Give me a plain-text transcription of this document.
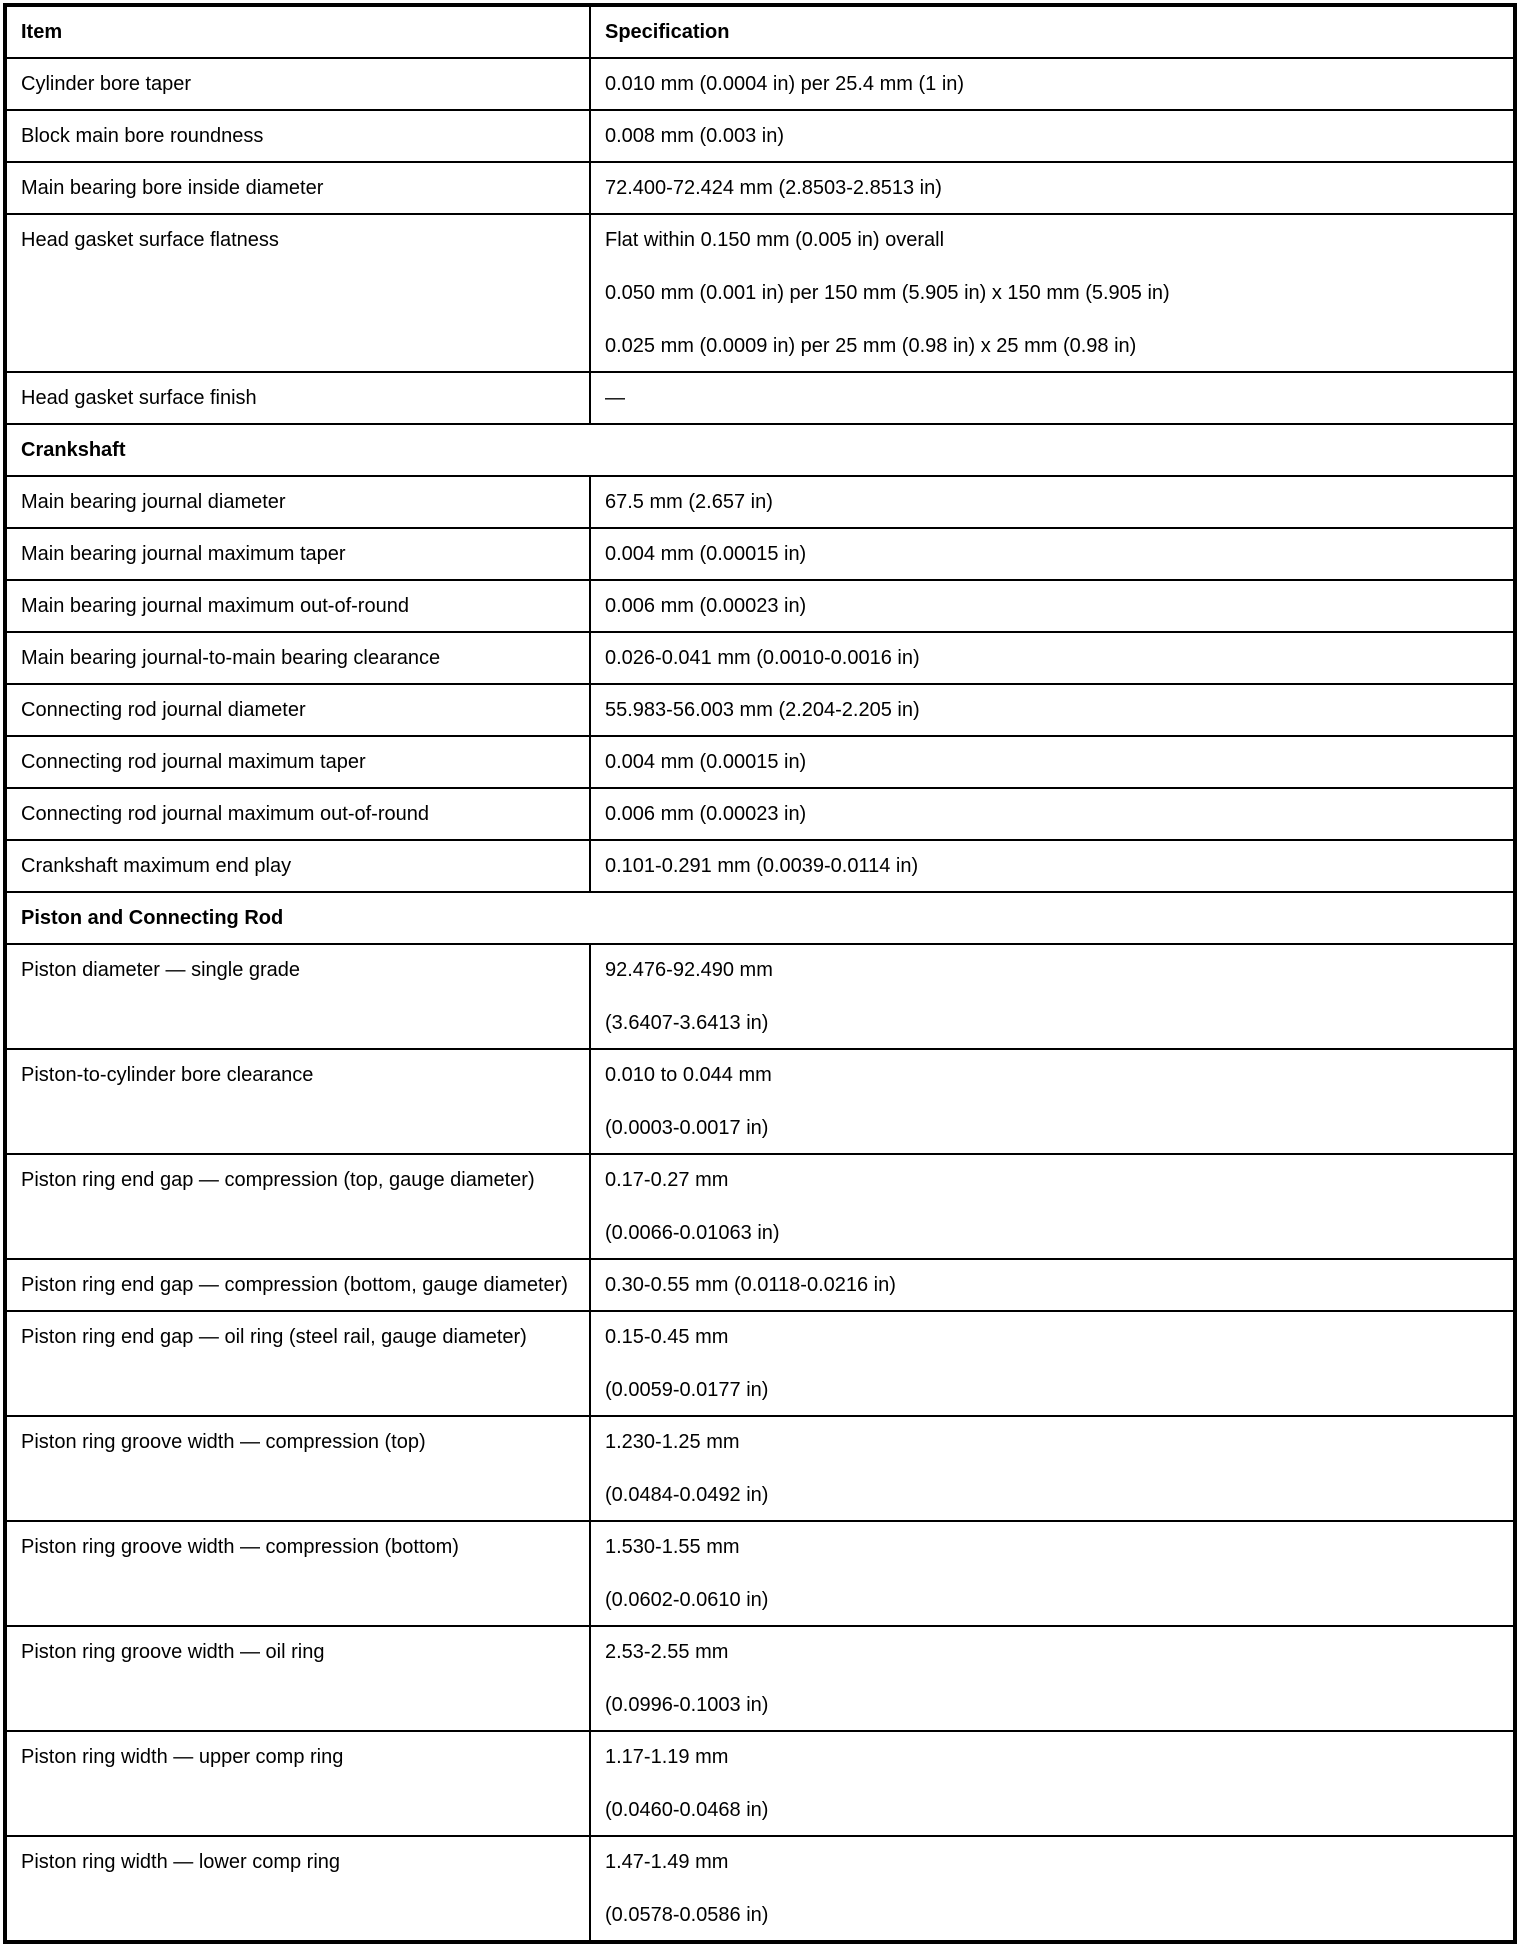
Item	Specification

Cylinder bore taper	0.010 mm (0.0004 in) per 25.4 mm (1 in)

Block main bore roundness	0.008 mm (0.003 in)

Main bearing bore inside diameter	72.400-72.424 mm (2.8503-2.8513 in)

Head gasket surface flatness	Flat within 0.150 mm (0.005 in) overall

0.050 mm (0.001 in) per 150 mm (5.905 in) x 150 mm (5.905 in)

0.025 mm (0.0009 in) per 25 mm (0.98 in) x 25 mm (0.98 in)

Head gasket surface finish	—

Crankshaft	

Main bearing journal diameter	67.5 mm (2.657 in)

Main bearing journal maximum taper	0.004 mm (0.00015 in)

Main bearing journal maximum out-of-round	0.006 mm (0.00023 in)

Main bearing journal-to-main bearing clearance	0.026-0.041 mm (0.0010-0.0016 in)

Connecting rod journal diameter	55.983-56.003 mm (2.204-2.205 in)

Connecting rod journal maximum taper	0.004 mm (0.00015 in)

Connecting rod journal maximum out-of-round	0.006 mm (0.00023 in)

Crankshaft maximum end play	0.101-0.291 mm (0.0039-0.0114 in)

Piston and Connecting Rod	

Piston diameter — single grade	92.476-92.490 mm

(3.6407-3.6413 in)

Piston-to-cylinder bore clearance	0.010 to 0.044 mm

(0.0003-0.0017 in)

Piston ring end gap — compression (top, gauge diameter)	0.17-0.27 mm

(0.0066-0.01063 in)

Piston ring end gap — compression (bottom, gauge diameter)	0.30-0.55 mm (0.0118-0.0216 in)

Piston ring end gap — oil ring (steel rail, gauge diameter)	0.15-0.45 mm

(0.0059-0.0177 in)

Piston ring groove width — compression (top)	1.230-1.25 mm

(0.0484-0.0492 in)

Piston ring groove width — compression (bottom)	1.530-1.55 mm

(0.0602-0.0610 in)

Piston ring groove width — oil ring	2.53-2.55 mm

(0.0996-0.1003 in)

Piston ring width — upper comp ring	1.17-1.19 mm

(0.0460-0.0468 in)

Piston ring width — lower comp ring	1.47-1.49 mm

(0.0578-0.0586 in)
